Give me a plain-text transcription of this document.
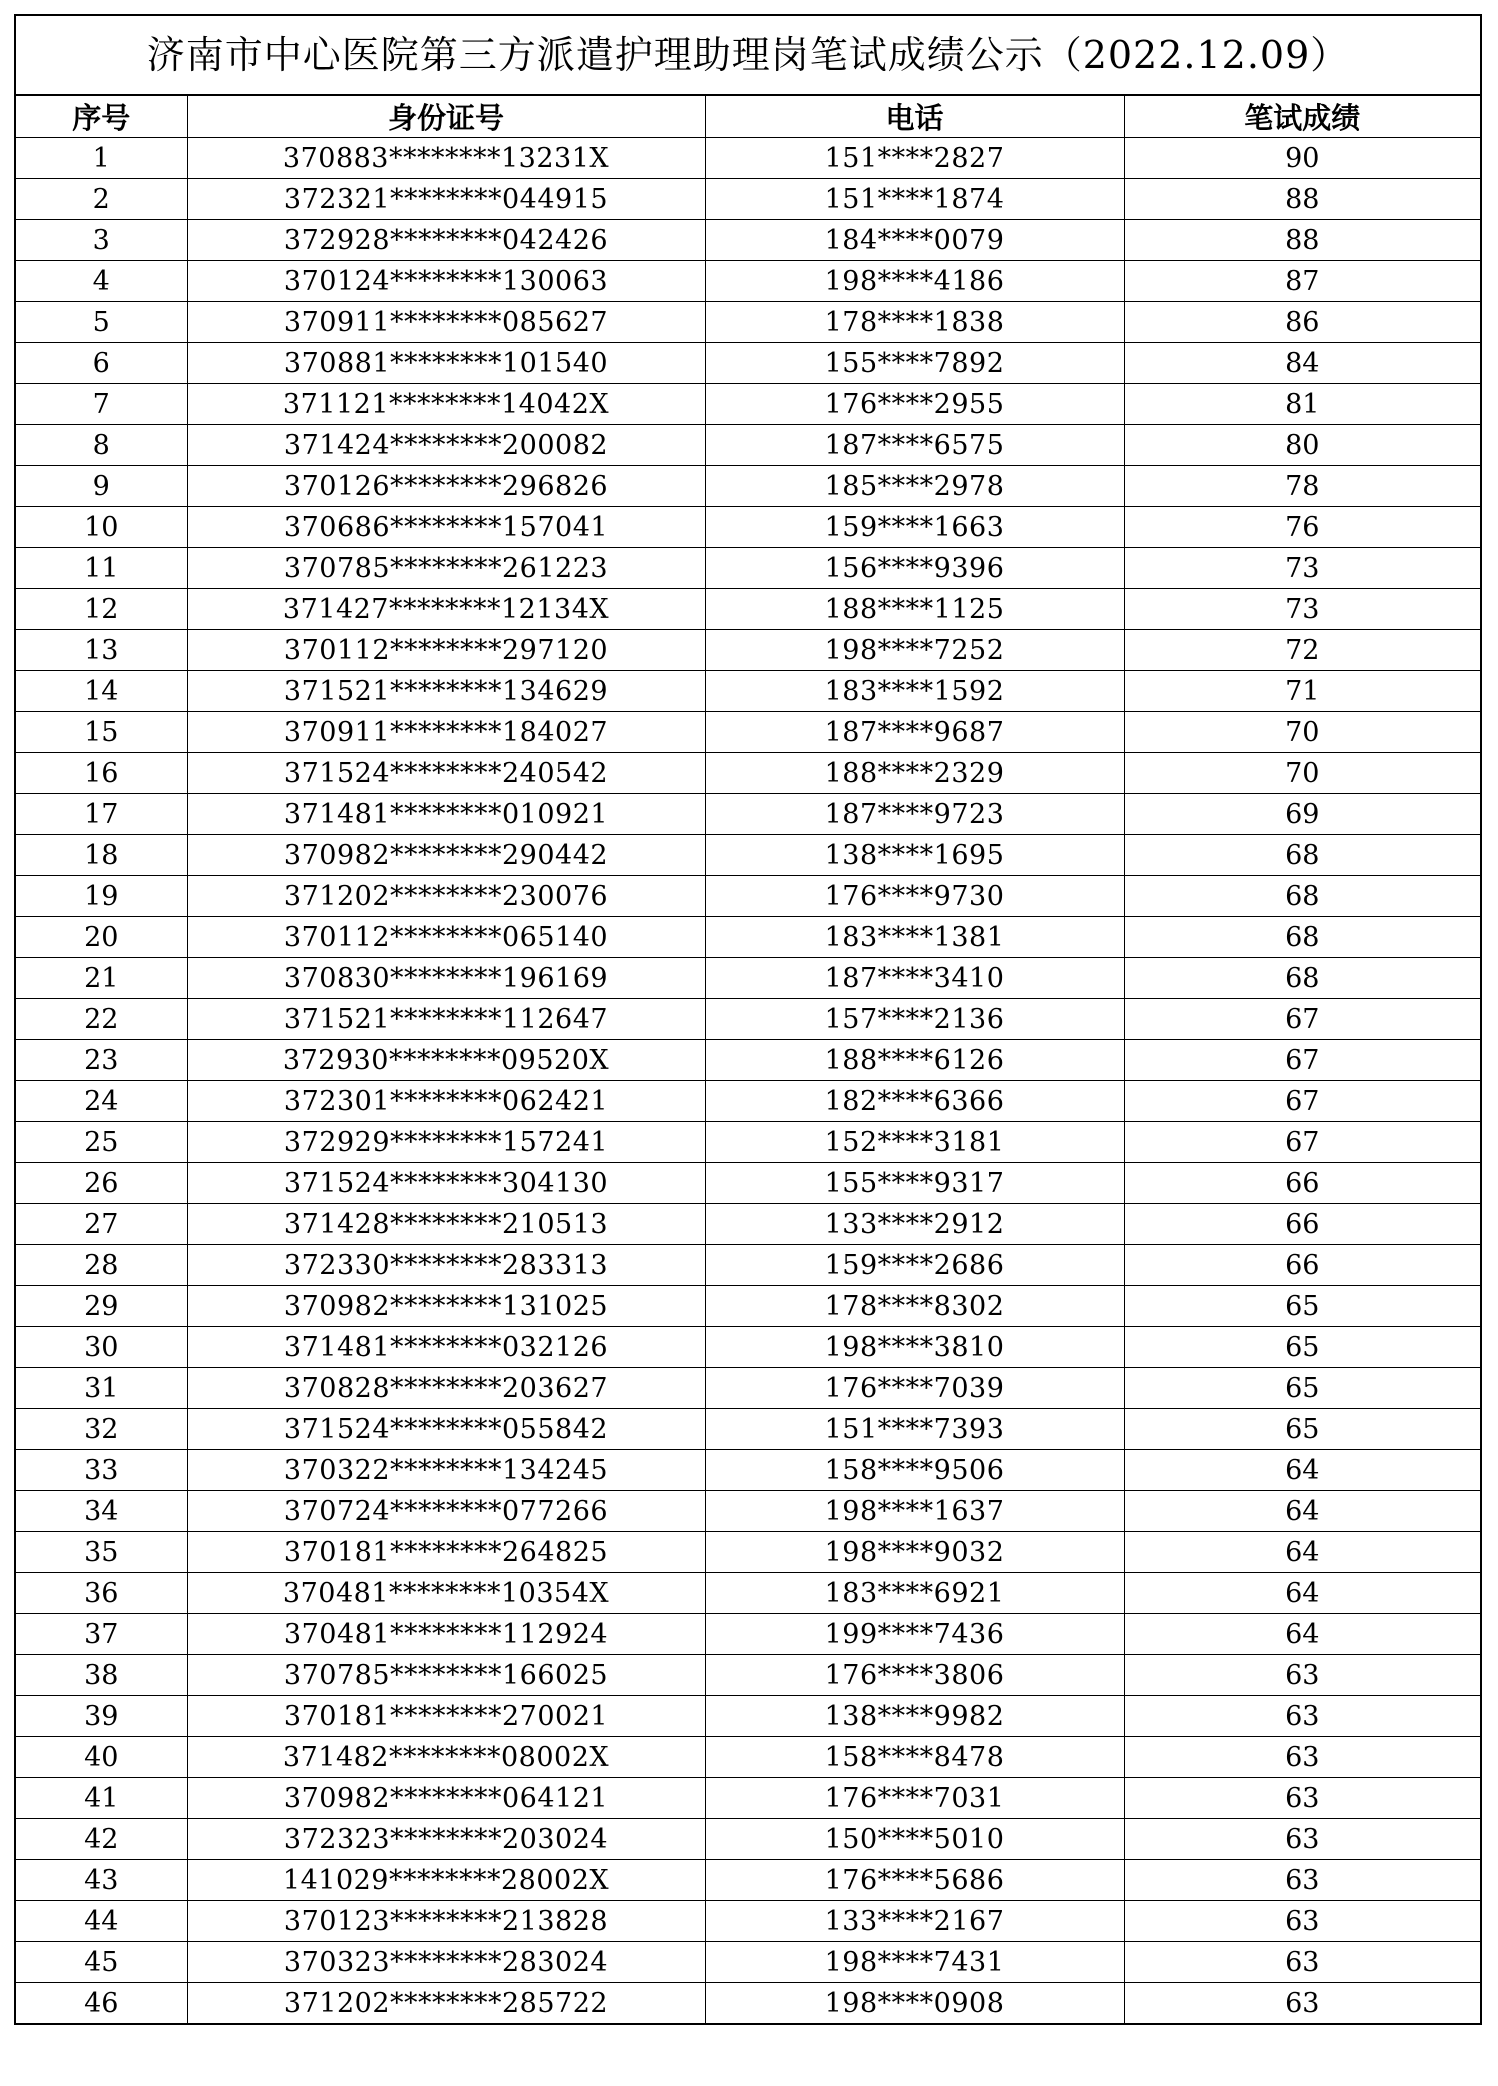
济南市中心医院第三方派遣护理助理岗笔试成绩公示（2022.12.09）
序号	身份证号	电话	笔试成绩
1	370883********13231X	151****2827	90
2	372321********044915	151****1874	88
3	372928********042426	184****0079	88
4	370124********130063	198****4186	87
5	370911********085627	178****1838	86
6	370881********101540	155****7892	84
7	371121********14042X	176****2955	81
8	371424********200082	187****6575	80
9	370126********296826	185****2978	78
10	370686********157041	159****1663	76
11	370785********261223	156****9396	73
12	371427********12134X	188****1125	73
13	370112********297120	198****7252	72
14	371521********134629	183****1592	71
15	370911********184027	187****9687	70
16	371524********240542	188****2329	70
17	371481********010921	187****9723	69
18	370982********290442	138****1695	68
19	371202********230076	176****9730	68
20	370112********065140	183****1381	68
21	370830********196169	187****3410	68
22	371521********112647	157****2136	67
23	372930********09520X	188****6126	67
24	372301********062421	182****6366	67
25	372929********157241	152****3181	67
26	371524********304130	155****9317	66
27	371428********210513	133****2912	66
28	372330********283313	159****2686	66
29	370982********131025	178****8302	65
30	371481********032126	198****3810	65
31	370828********203627	176****7039	65
32	371524********055842	151****7393	65
33	370322********134245	158****9506	64
34	370724********077266	198****1637	64
35	370181********264825	198****9032	64
36	370481********10354X	183****6921	64
37	370481********112924	199****7436	64
38	370785********166025	176****3806	63
39	370181********270021	138****9982	63
40	371482********08002X	158****8478	63
41	370982********064121	176****7031	63
42	372323********203024	150****5010	63
43	141029********28002X	176****5686	63
44	370123********213828	133****2167	63
45	370323********283024	198****7431	63
46	371202********285722	198****0908	63
